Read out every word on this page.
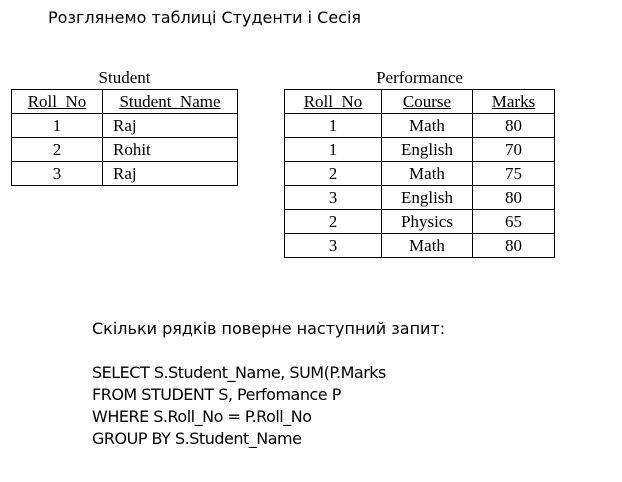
Розглянемо таблиці Студенти і Сесія
Student
Roll_No	Student_Name
1	Raj
2	Rohit
3	Raj
Performance
Roll_No	Course	Marks
1	Math	80
1	English	70
2	Math	75
3	English	80
2	Physics	65
3	Math	80
Скільки рядків поверне наступний запит:
SELECT S.Student_Name, SUM(P.Marks
FROM STUDENT S, Perfomance P
WHERE S.Roll_No = P.Roll_No
GROUP BY S.Student_Name
